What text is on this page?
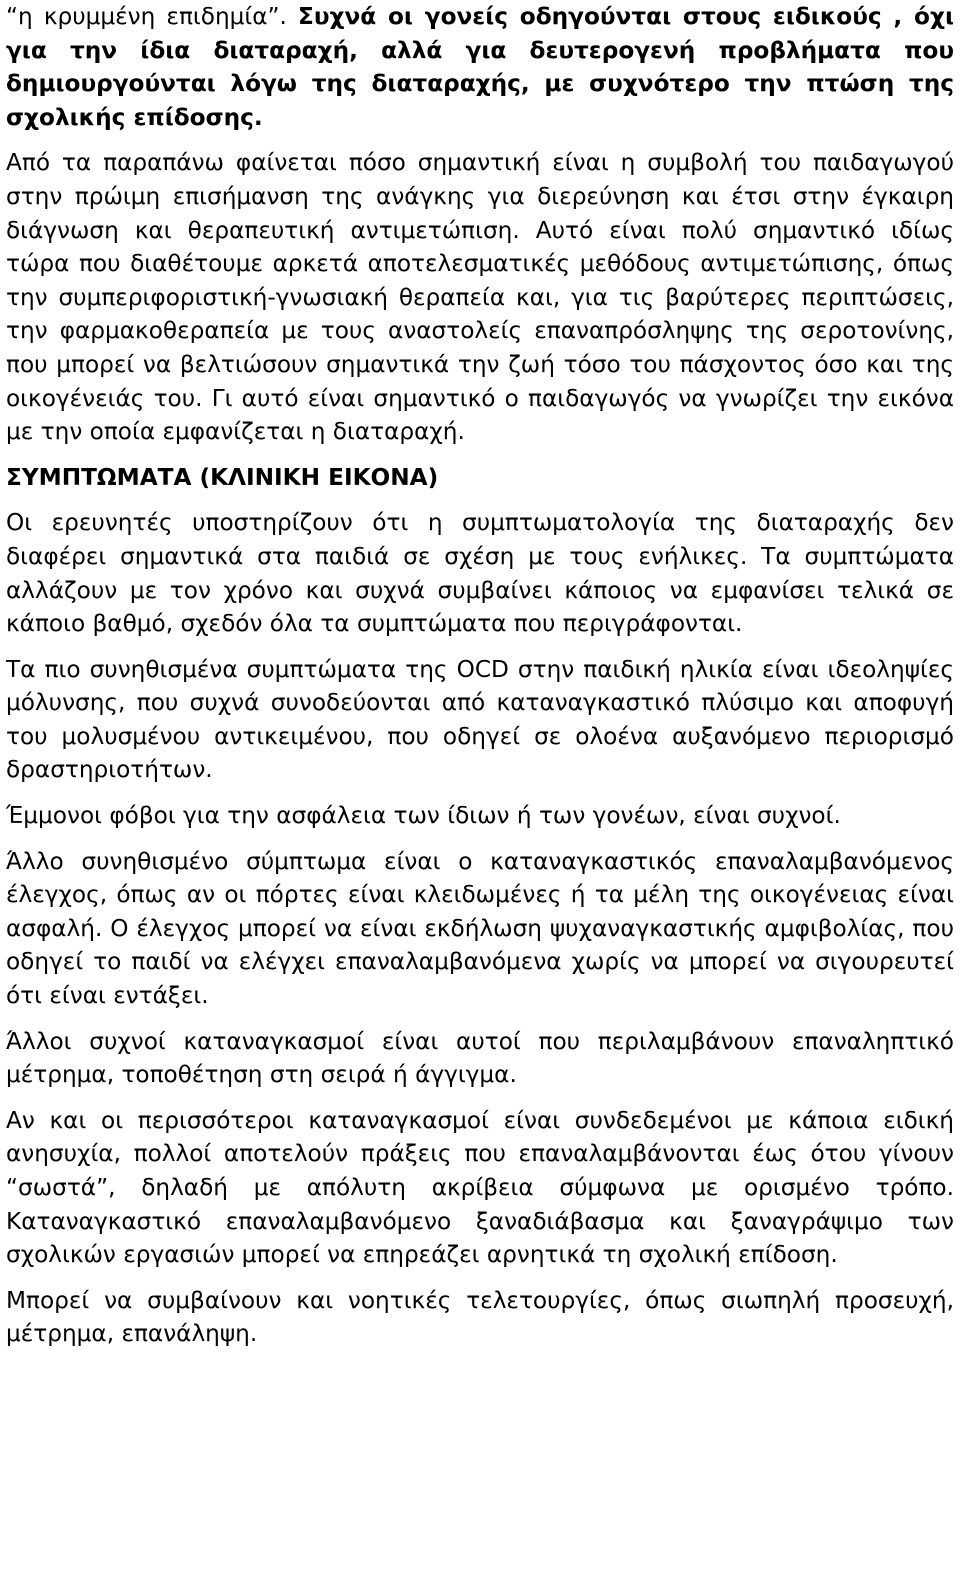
“η κρυμμένη επιδημία”. Συχνά οι γονείς οδηγούνται στους ειδικούς , όχι για την ίδια διαταραχή, αλλά για δευτερογενή προβλήματα που δημιουργούνται λόγω της διαταραχής, με συχνότερο την πτώση της σχολικής επίδοσης.

Από τα παραπάνω φαίνεται πόσο σημαντική είναι η συμβολή του παιδαγωγού στην πρώιμη επισήμανση της ανάγκης για διερεύνηση και έτσι στην έγκαιρη διάγνωση και θεραπευτική αντιμετώπιση. Αυτό είναι πολύ σημαντικό ιδίως τώρα που διαθέτουμε αρκετά αποτελεσματικές μεθόδους αντιμετώπισης, όπως την συμπεριφοριστική-γνωσιακή θεραπεία και, για τις βαρύτερες περιπτώσεις, την φαρμακοθεραπεία με τους αναστολείς επαναπρόσληψης της σεροτονίνης, που μπορεί να βελτιώσουν σημαντικά την ζωή τόσο του πάσχοντος όσο και της οικογένειάς του. Γι αυτό είναι σημαντικό ο παιδαγωγός να γνωρίζει την εικόνα με την οποία εμφανίζεται η διαταραχή.

ΣΥΜΠΤΩΜΑΤΑ (ΚΛΙΝΙΚΗ ΕΙΚΟΝΑ)

Οι ερευνητές υποστηρίζουν ότι η συμπτωματολογία της διαταραχής δεν διαφέρει σημαντικά στα παιδιά σε σχέση με τους ενήλικες. Τα συμπτώματα αλλάζουν με τον χρόνο και συχνά συμβαίνει κάποιος να εμφανίσει τελικά σε κάποιο βαθμό, σχεδόν όλα τα συμπτώματα που περιγράφονται.

Τα πιο συνηθισμένα συμπτώματα της OCD στην παιδική ηλικία είναι ιδεοληψίες μόλυνσης, που συχνά συνοδεύονται από καταναγκαστικό πλύσιμο και αποφυγή του μολυσμένου αντικειμένου, που οδηγεί σε ολοένα αυξανόμενο περιορισμό δραστηριοτήτων.

Έμμονοι φόβοι για την ασφάλεια των ίδιων ή των γονέων, είναι συχνοί.

Άλλο συνηθισμένο σύμπτωμα είναι ο καταναγκαστικός επαναλαμβανόμενος έλεγχος, όπως αν οι πόρτες είναι κλειδωμένες ή τα μέλη της οικογένειας είναι ασφαλή. Ο έλεγχος μπορεί να είναι εκδήλωση ψυχαναγκαστικής αμφιβολίας, που οδηγεί το παιδί να ελέγχει επαναλαμβανόμενα χωρίς να μπορεί να σιγουρευτεί ότι είναι εντάξει.

Άλλοι συχνοί καταναγκασμοί είναι αυτοί που περιλαμβάνουν επαναληπτικό μέτρημα, τοποθέτηση στη σειρά ή άγγιγμα.

Αν και οι περισσότεροι καταναγκασμοί είναι συνδεδεμένοι με κάποια ειδική ανησυχία, πολλοί αποτελούν πράξεις που επαναλαμβάνονται έως ότου γίνουν “σωστά”, δηλαδή με απόλυτη ακρίβεια σύμφωνα με ορισμένο τρόπο. Καταναγκαστικό επαναλαμβανόμενο ξαναδιάβασμα και ξαναγράψιμο των σχολικών εργασιών μπορεί να επηρεάζει αρνητικά τη σχολική επίδοση.

Μπορεί να συμβαίνουν και νοητικές τελετουργίες, όπως σιωπηλή προσευχή, μέτρημα, επανάληψη.
